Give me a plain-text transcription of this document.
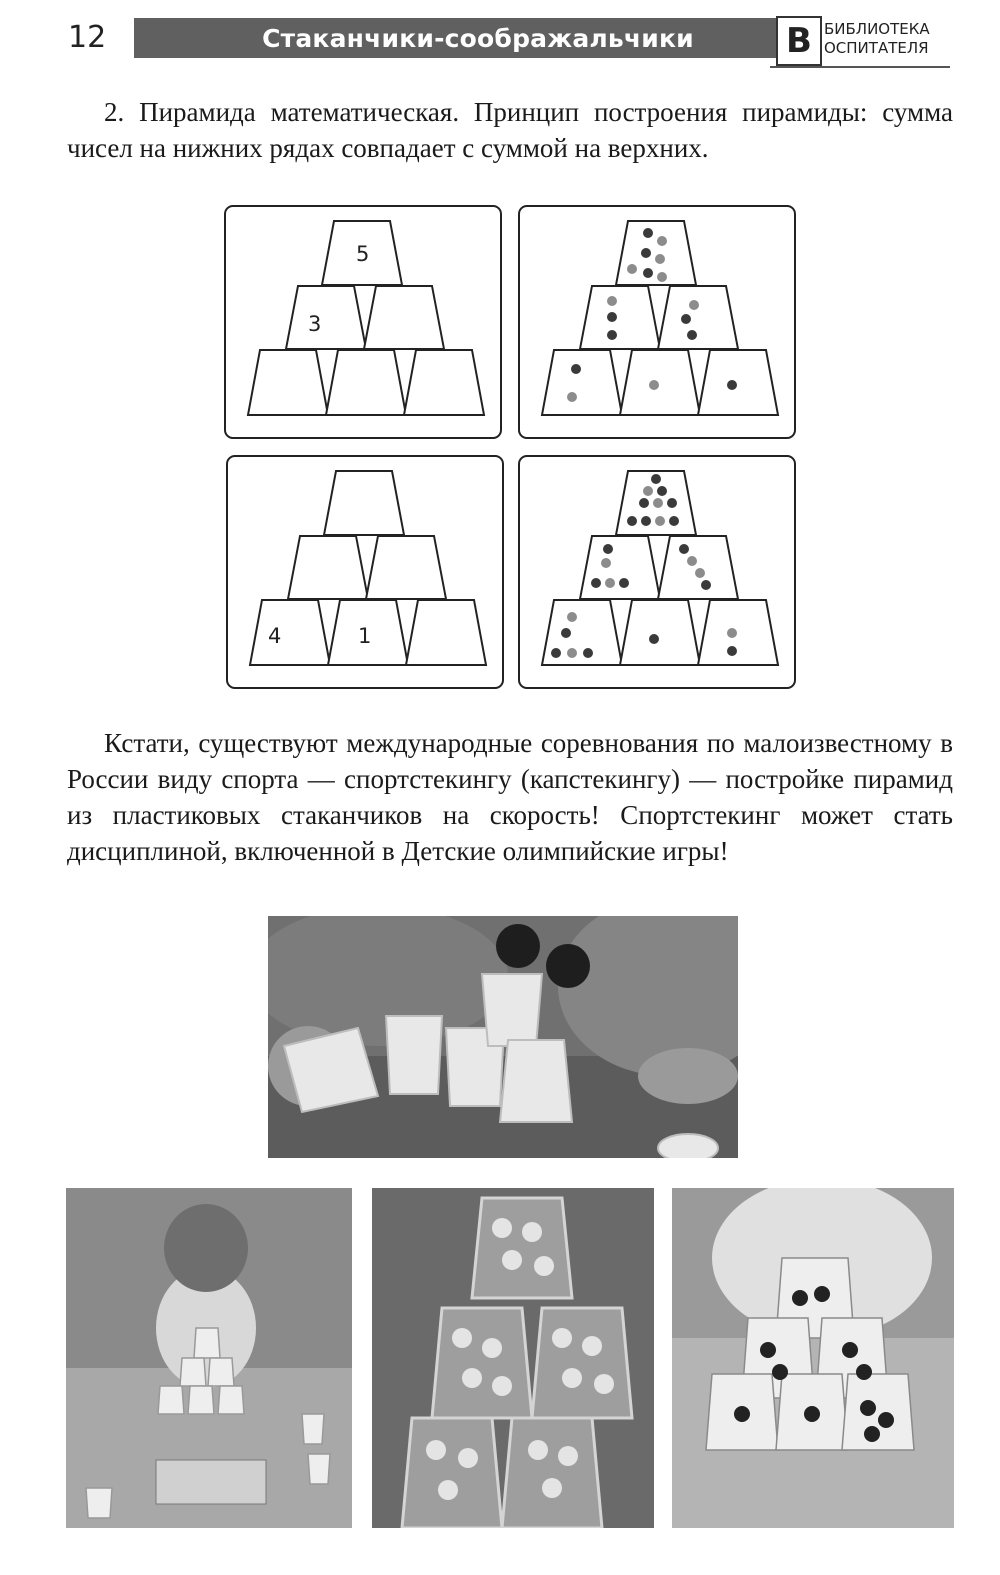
12	Стаканчики-соображальчики	В БИБЛИОТЕКА
ОСПИТАТЕЛЯ
2. Пирамида математическая. Принцип построения пирамиды: сумма чисел на нижних рядах совпадает с суммой на верхних.
5
3
4	1
Кстати, существуют международные соревнования по малоизвестному в России виду спорта — спортстекингу (капстекингу) — постройке пирамид из пластиковых стаканчиков на скорость! Спортстекинг может стать дисциплиной, включенной в Детские олимпийские игры!
